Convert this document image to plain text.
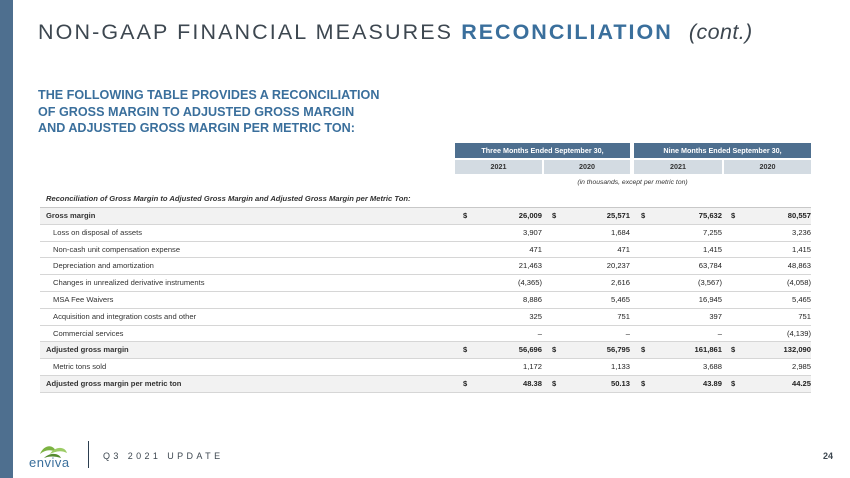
NON-GAAP FINANCIAL MEASURES RECONCILIATION (cont.)
THE FOLLOWING TABLE PROVIDES A RECONCILIATION
OF GROSS MARGIN TO ADJUSTED GROSS MARGIN
AND ADJUSTED GROSS MARGIN PER METRIC TON:
Three Months Ended September 30,	Nine Months Ended September 30,
2021	2020	2021	2020
(in thousands, except per metric ton)
Reconciliation of Gross Margin to Adjusted Gross Margin and Adjusted Gross Margin per Metric Ton:
Gross margin	$	26,009 $	25,571 $	75,632 $	80,557
Loss on disposal of assets	3,907	1,684	7,255	3,236
Non-cash unit compensation expense	471	471	1,415	1,415
Depreciation and amortization	21,463	20,237	63,784	48,863
Changes in unrealized derivative instruments	(4,365)	2,616	(3,567)	(4,058)
MSA Fee Waivers	8,886	5,465	16,945	5,465
Acquisition and integration costs and other	325	751	397	751
Commercial services	–	–	–	(4,139)
Adjusted gross margin	$	56,696 $	56,795 $	161,861 $	132,090
Metric tons sold	1,172	1,133	3,688	2,985
Adjusted gross margin per metric ton	$	48.38 $	50.13 $	43.89 $	44.25
enviva	Q3 2021 UPDATE	24
